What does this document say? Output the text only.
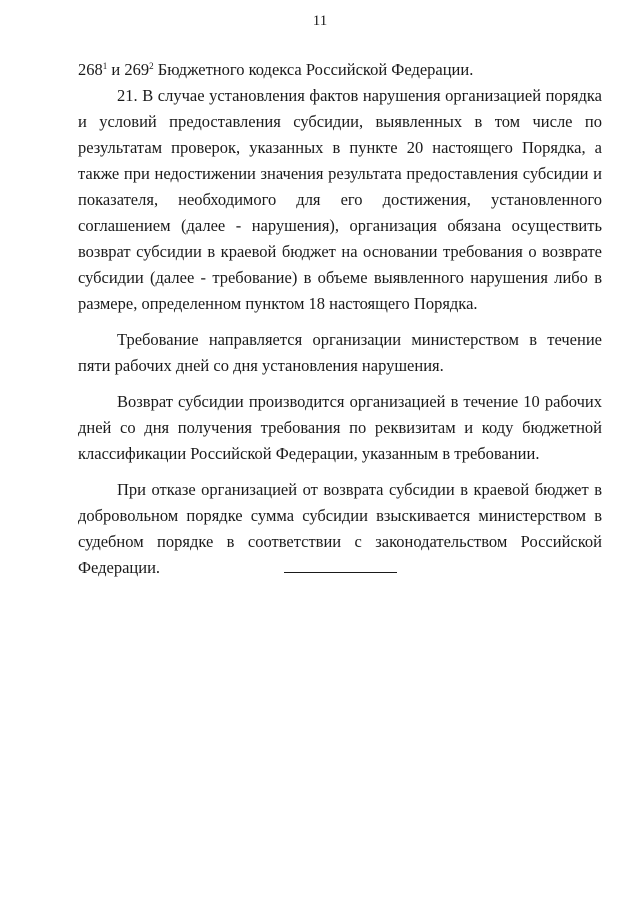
11

$268^1$ и $269^2$ Бюджетного кодекса Российской Федерации.

21. В случае установления фактов нарушения организацией порядка и условий предоставления субсидии, выявленных в том числе по результатам проверок, указанных в пункте 20 настоящего Порядка, а также при недостижении значения результата предоставления субсидии и показателя, необходимого для его достижения, установленного соглашением (далее - нарушения), организация обязана осуществить возврат субсидии в краевой бюджет на основании требования о возврате субсидии (далее - требование) в объеме выявленного нарушения либо в размере, определенном пунктом 18 настоящего Порядка.

Требование направляется организации министерством в течение пяти рабочих дней со дня установления нарушения.

Возврат субсидии производится организацией в течение 10 рабочих дней со дня получения требования по реквизитам и коду бюджетной классификации Российской Федерации, указанным в требовании.

При отказе организацией от возврата субсидии в краевой бюджет в добровольном порядке сумма субсидии взыскивается министерством в судебном порядке в соответствии с законодательством Российской Федерации.
